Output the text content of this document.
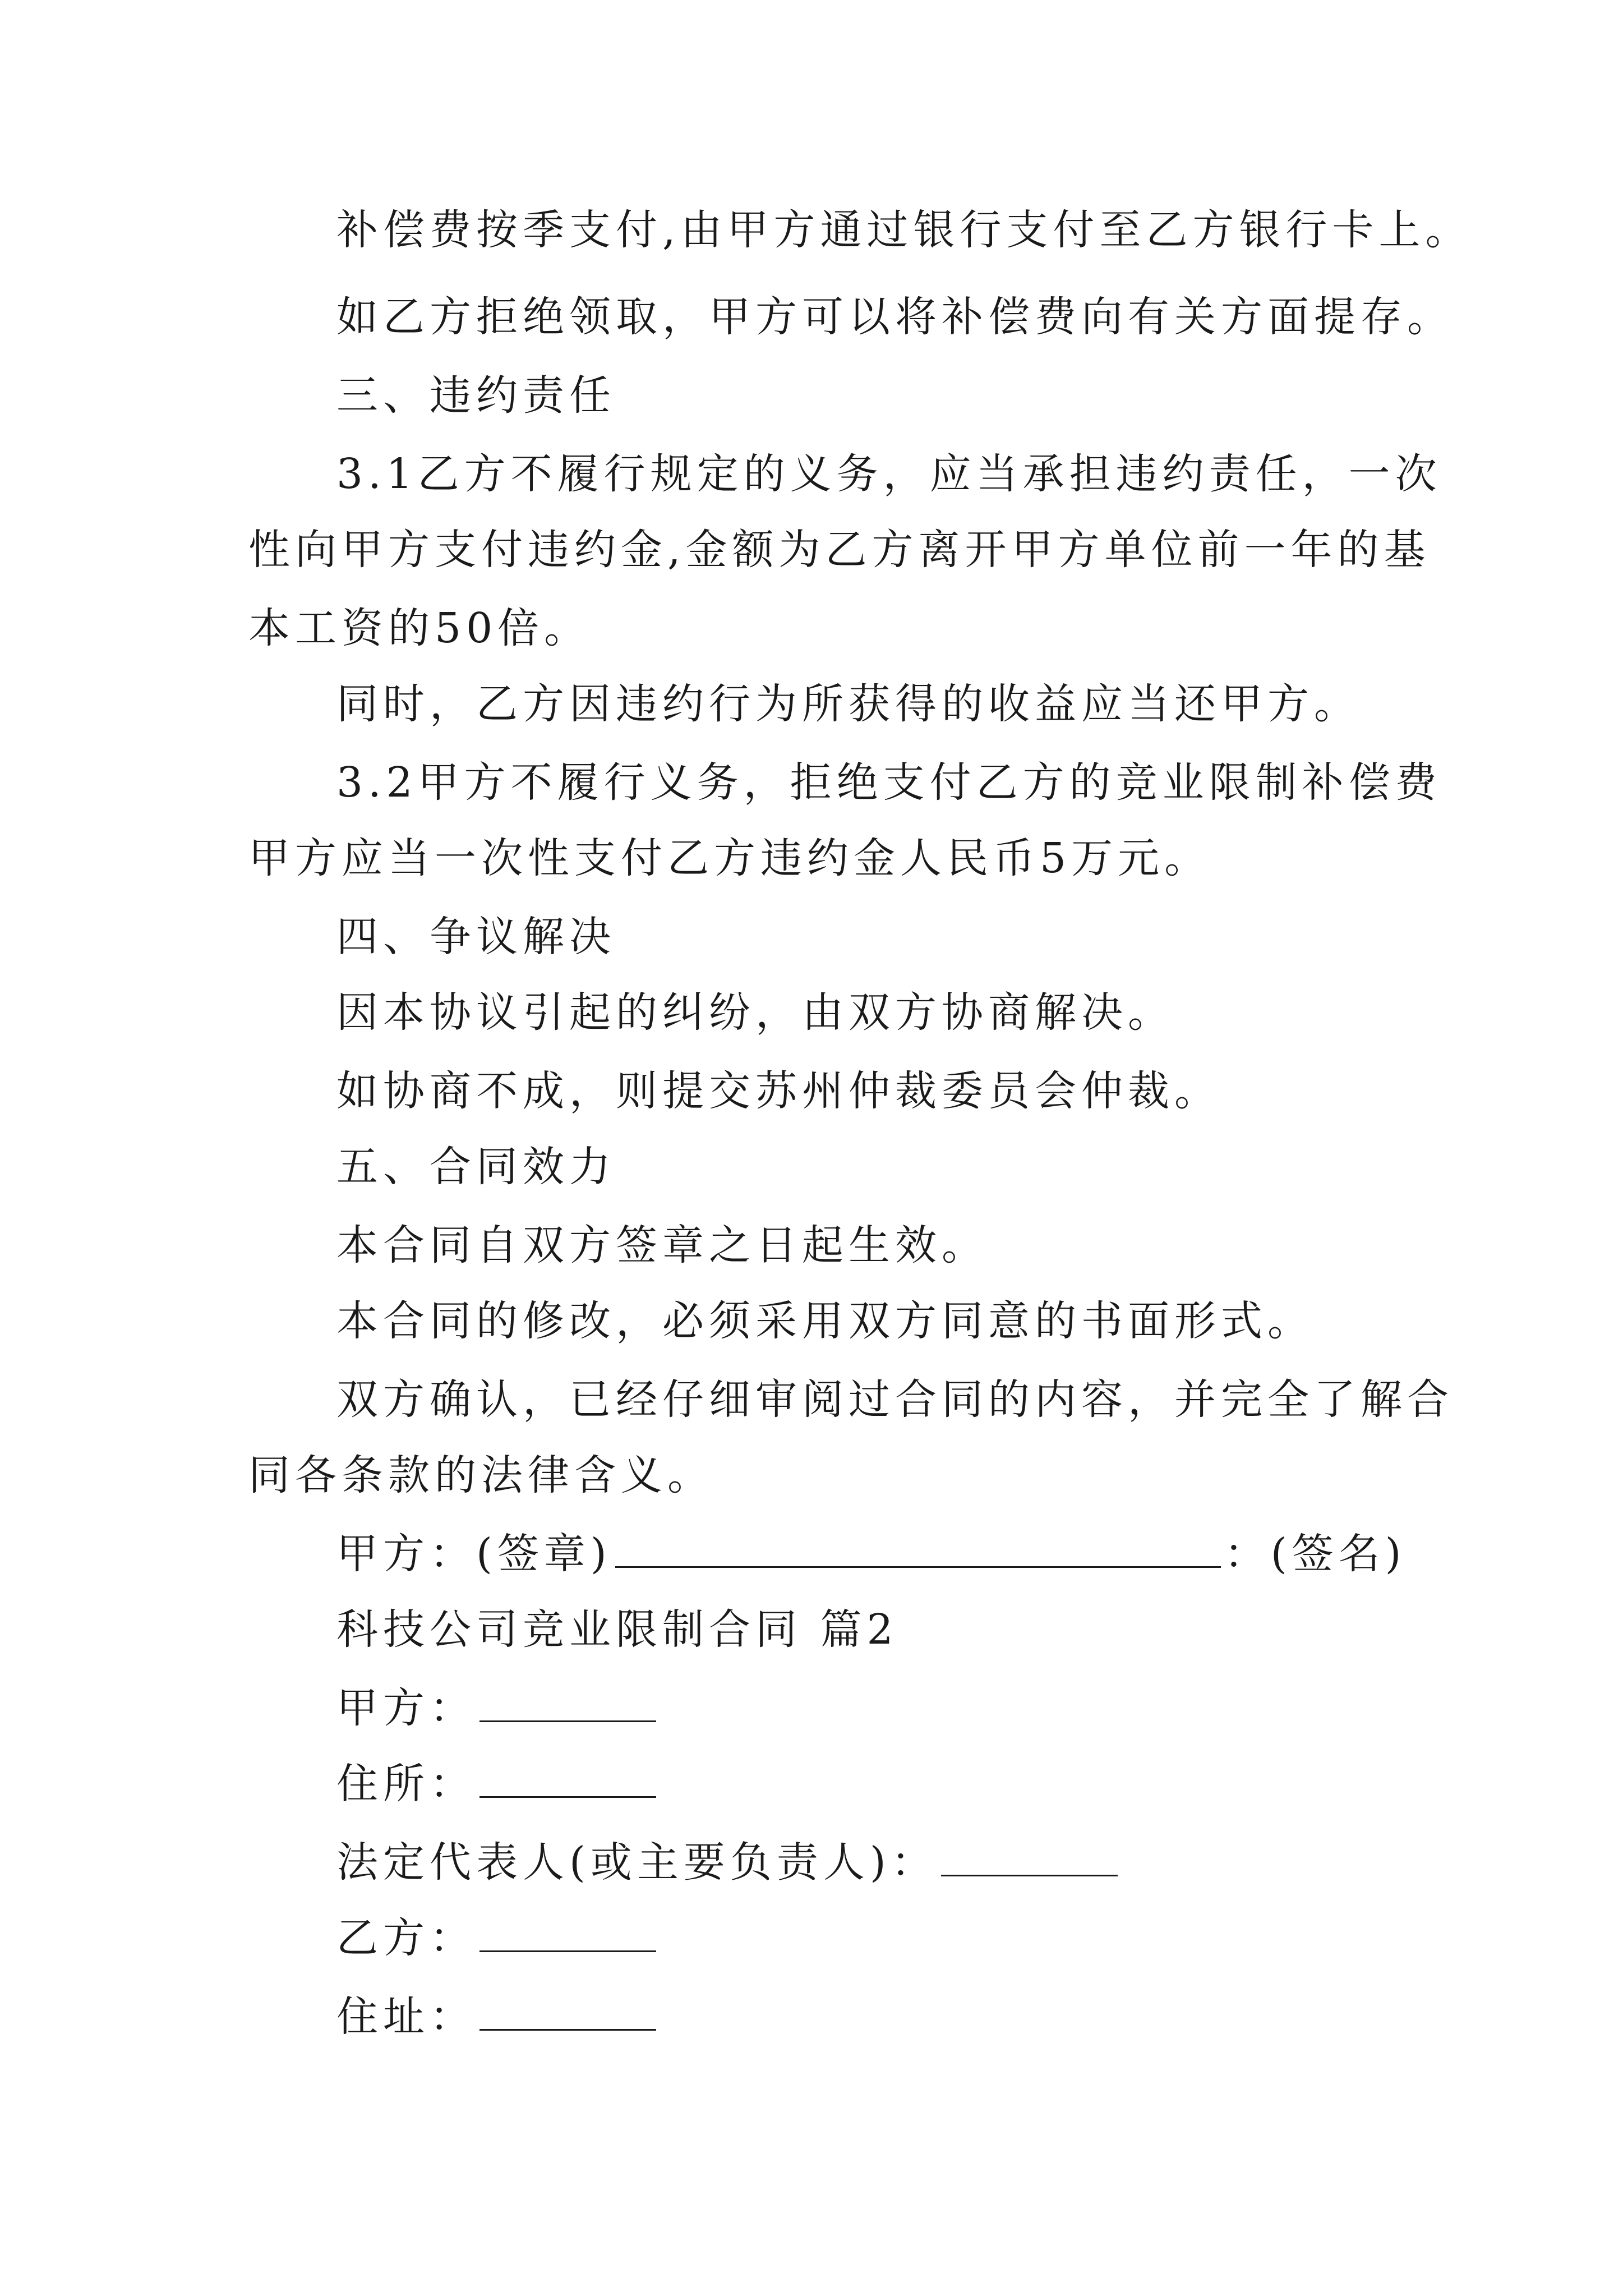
补偿费按季支付,由甲方通过银行支付至乙方银行卡上。
如乙方拒绝领取，甲方可以将补偿费向有关方面提存。
三、违约责任
3.1乙方不履行规定的义务，应当承担违约责任，一次
性向甲方支付违约金,金额为乙方离开甲方单位前一年的基
本工资的50倍。
同时，乙方因违约行为所获得的收益应当还甲方。
3.2甲方不履行义务，拒绝支付乙方的竞业限制补偿费
甲方应当一次性支付乙方违约金人民币5万元。
四、争议解决
因本协议引起的纠纷，由双方协商解决。
如协商不成，则提交苏州仲裁委员会仲裁。
五、合同效力
本合同自双方签章之日起生效。
本合同的修改，必须采用双方同意的书面形式。
双方确认，已经仔细审阅过合同的内容，并完全了解合
同各条款的法律含义。
甲方：(签章)	：(签名)
科技公司竞业限制合同 篇2
甲方：
住所：
法定代表人(或主要负责人)：
乙方：
住址：
